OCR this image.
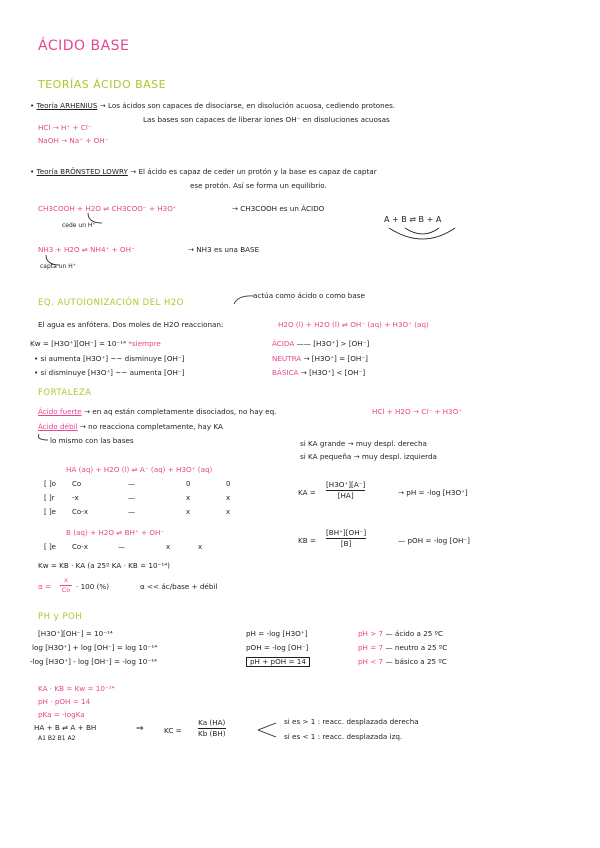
ÁCIDO BASE
TEORÍAS ÁCIDO BASE
• Teoría ARHENIUS → Los ácidos son capaces de disociarse, en disolución acuosa, cediendo protones.
Las bases son capaces de liberar iones OH⁻ en disoluciones acuosas
HCl → H⁺ + Cl⁻
NaOH → Na⁺ + OH⁻
• Teoría BRÖNSTED LOWRY → El ácido es capaz de ceder un protón y la base es capaz de captar
ese protón. Así se forma un equilibrio.
CH3COOH + H2O ⇌ CH3COO⁻ + H3O⁺	→ CH3COOH es un ÁCIDO
cede un H⁺
A + B ⇌ B + A
NH3 + H2O ⇌ NH4⁺ + OH⁻	→ NH3 es una BASE
capta un H⁺
actúa como ácido o como base
EQ. AUTOIONIZACIÓN DEL H2O
El agua es anfótera. Dos moles de H2O reaccionan:	H2O (l) + H2O (l) ⇌ OH⁻ (aq) + H3O⁺ (aq)
Kw = [H3O⁺][OH⁻] = 10⁻¹⁴ *siempre
• si aumenta [H3O⁺] ~~ disminuye [OH⁻]
• si disminuye [H3O⁺] ~~ aumenta [OH⁻]
ÁCIDA —— [H3O⁺] > [OH⁻]
NEUTRA → [H3O⁺] = [OH⁻]
BÁSICA → [H3O⁺] < [OH⁻]
FORTALEZA
Ácido fuerte → en aq están completamente disociados, no hay eq.	HCl + H2O → Cl⁻ + H3O⁺
Ácido débil → no reacciona completamente, hay KA
lo mismo con las bases	si KA grande → muy despl. derecha
si KA pequeña → muy despl. izquierda
HA (aq) + H2O (l) ⇌ A⁻ (aq) + H3O⁺ (aq)
[ ]o Co	—	0	0
[ ]r -x	—	x	x
[ ]e Co-x	—	x	x
KA =
[H3O⁺][A⁻]
[HA]	→ pH = -log [H3O⁺]
B (aq) + H2O ⇌ BH⁺ + OH⁻
[ ]e Co-x	—	x	x
KB =
[BH⁺][OH⁻]
[B]	— pOH = -log [OH⁻]
Kw = KB · KA (a 25º KA · KB = 10⁻¹⁴)
α =
x
Co · 100 (%)	α << ác/base + débil
PH y POH
[H3O⁺][OH⁻] = 10⁻¹⁴
log [H3O⁺] + log [OH⁻] = log 10⁻¹⁴
-log [H3O⁺] - log [OH⁻] = -log 10⁻¹⁴
pH = -log [H3O⁺]
pOH = -log [OH⁻]
pH + pOH = 14
pH > 7 — ácido a 25 ºC
pH = 7 — neutro a 25 ºC
pH < 7 — básico a 25 ºC
KA · KB = Kw = 10⁻¹⁴
pH · pOH = 14
pKa = -logKa
HA + B ⇌ A + BH
A1 B2 B1 A2
⇒	KC =
Ka (HA)
Kb (BH)
si es > 1 : reacc. desplazada derecha
si es < 1 : reacc. desplazada izq.
